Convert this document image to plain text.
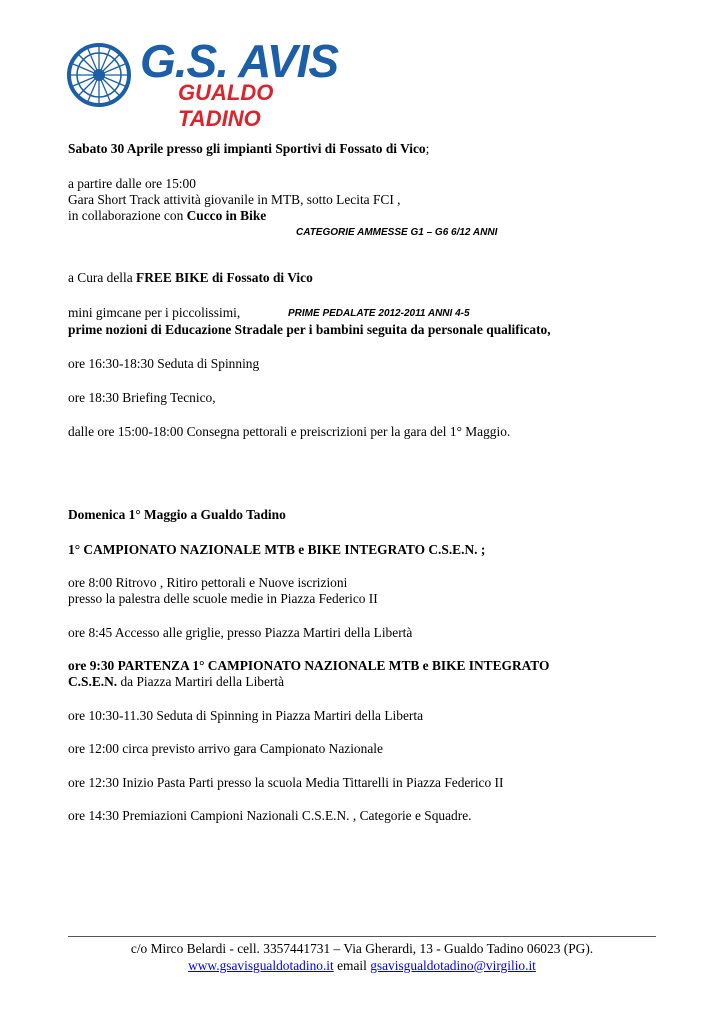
G.S. AVIS
GUALDO TADINO
Sabato 30 Aprile presso gli impianti Sportivi di Fossato di Vico;
a partire dalle ore 15:00
Gara Short Track attività giovanile in MTB, sotto Lecita FCI ,
in collaborazione con Cucco in Bike
CATEGORIE AMMESSE G1 – G6 6/12 ANNI
a Cura della FREE BIKE di Fossato di Vico
mini gimcane per i piccolissimi,	PRIME PEDALATE 2012-2011 ANNI 4-5
prime nozioni di Educazione Stradale per i bambini seguita da personale qualificato,
ore 16:30-18:30 Seduta di Spinning
ore 18:30 Briefing Tecnico,
dalle ore 15:00-18:00 Consegna pettorali e preiscrizioni per la gara del 1° Maggio.
Domenica 1° Maggio a Gualdo Tadino
1° CAMPIONATO NAZIONALE MTB e BIKE INTEGRATO C.S.E.N. ;
ore 8:00 Ritrovo , Ritiro pettorali e Nuove iscrizioni
presso la palestra delle scuole medie in Piazza Federico II
ore 8:45 Accesso alle griglie, presso Piazza Martiri della Libertà
ore 9:30 PARTENZA 1° CAMPIONATO NAZIONALE MTB e BIKE INTEGRATO
C.S.E.N. da Piazza Martiri della Libertà
ore 10:30-11.30 Seduta di Spinning in Piazza Martiri della Liberta
ore 12:00 circa previsto arrivo gara Campionato Nazionale
ore 12:30 Inizio Pasta Parti presso la scuola Media Tittarelli in Piazza Federico II
ore 14:30 Premiazioni Campioni Nazionali C.S.E.N. , Categorie e Squadre.
c/o Mirco Belardi - cell. 3357441731 – Via Gherardi, 13 - Gualdo Tadino 06023 (PG).
www.gsavisgualdotadino.it email gsavisgualdotadino@virgilio.it
